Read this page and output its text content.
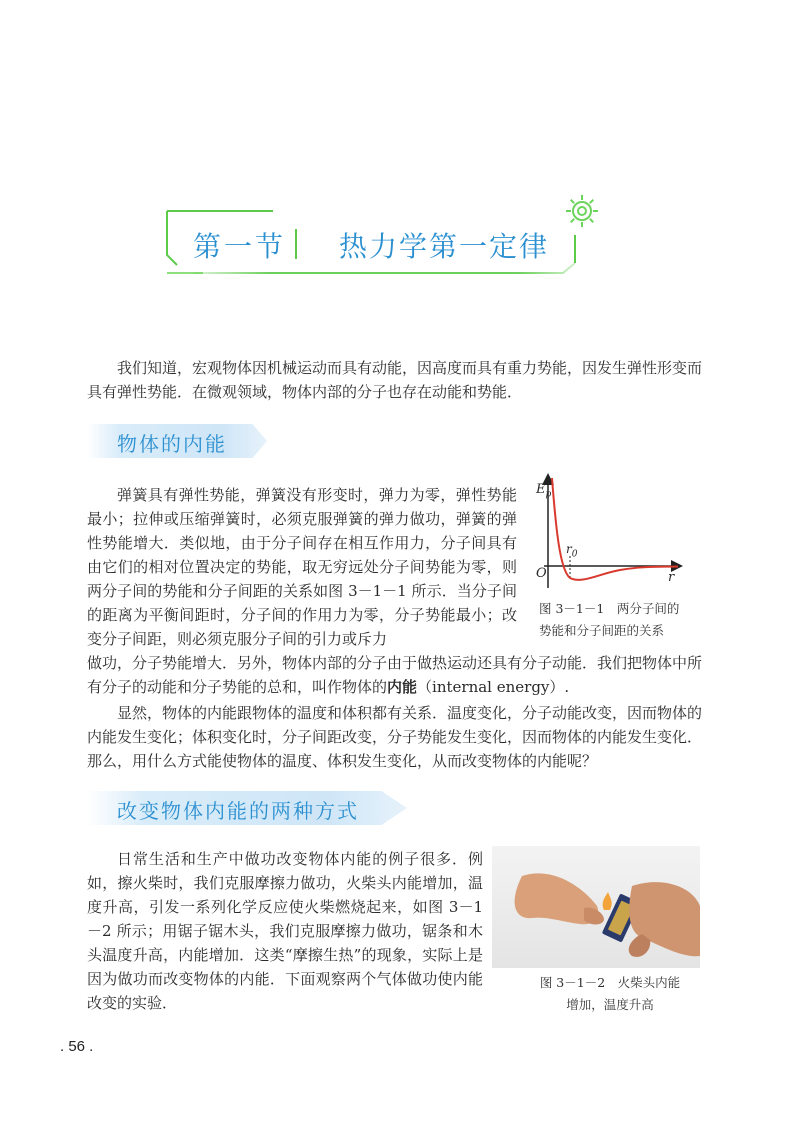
第一节 热力学第一定律

我们知道，宏观物体因机械运动而具有动能，因高度而具有重力势能，因发生弹性形变而具有弹性势能．在微观领域，物体内部的分子也存在动能和势能．

物体的内能

弹簧具有弹性势能，弹簧没有形变时，弹力为零，弹性势能最小；拉伸或压缩弹簧时，必须克服弹簧的弹力做功，弹簧的弹性势能增大．类似地，由于分子间存在相互作用力，分子间具有由它们的相对位置决定的势能，取无穷远处分子间势能为零，则两分子间的势能和分子间距的关系如图 3－1－1 所示．当分子间的距离为平衡间距时，分子间的作用力为零，分子势能最小；改变分子间距，则必须克服分子间的引力或斥力

$E_p$
r
O
$r_0$
图 3－1－1　两分子间的
势能和分子间距的关系

做功，分子势能增大．另外，物体内部的分子由于做热运动还具有分子动能．我们把物体中所有分子的动能和分子势能的总和，叫作物体的内能（internal energy）.

显然，物体的内能跟物体的温度和体积都有关系．温度变化，分子动能改变，因而物体的内能发生变化；体积变化时，分子间距改变，分子势能发生变化，因而物体的内能发生变化．那么，用什么方式能使物体的温度、体积发生变化，从而改变物体的内能呢？

改变物体内能的两种方式

日常生活和生产中做功改变物体内能的例子很多．例如，擦火柴时，我们克服摩擦力做功，火柴头内能增加，温度升高，引发一系列化学反应使火柴燃烧起来，如图 3－1－2 所示；用锯子锯木头，我们克服摩擦力做功，锯条和木头温度升高，内能增加．这类“摩擦生热”的现象，实际上是因为做功而改变物体的内能．下面观察两个气体做功使内能改变的实验．

图 3－1－2　火柴头内能
增加，温度升高
. 56 .
